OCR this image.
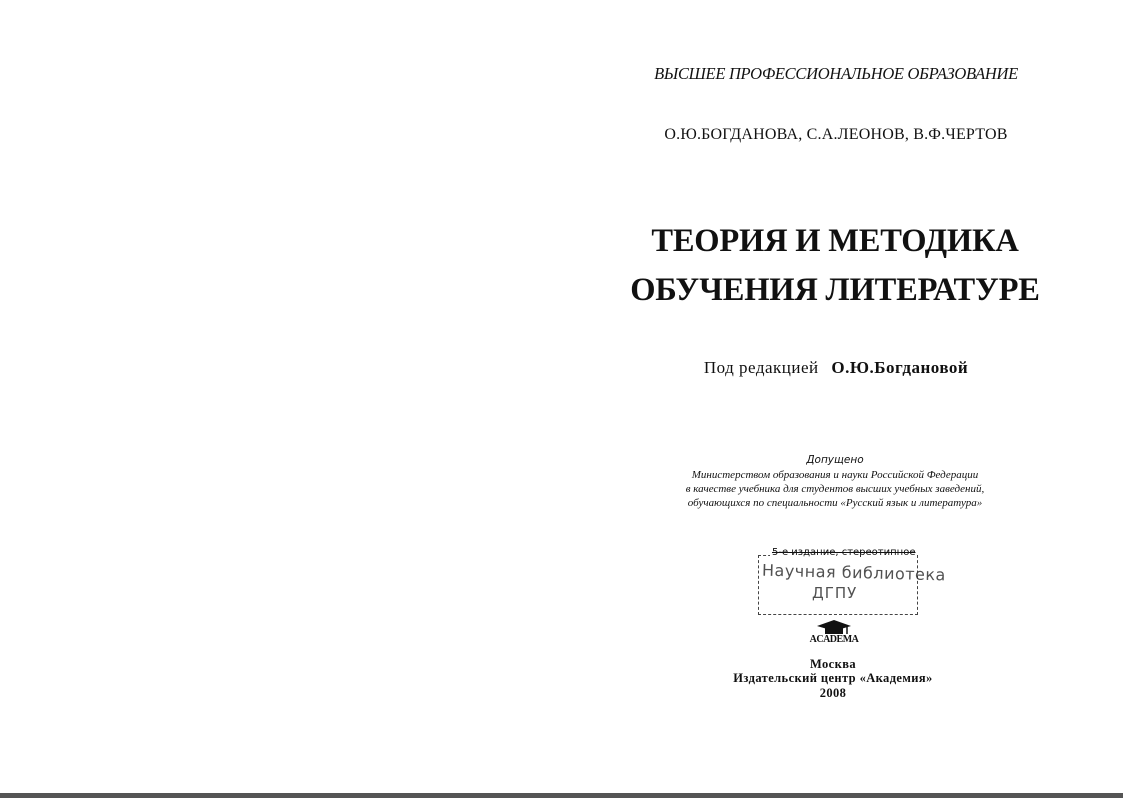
ВЫСШЕЕ ПРОФЕССИОНАЛЬНОЕ ОБРАЗОВАНИЕ
О.Ю.БОГДАНОВА, С.А.ЛЕОНОВ, В.Ф.ЧЕРТОВ
ТЕОРИЯ И МЕТОДИКА
ОБУЧЕНИЯ ЛИТЕРАТУРЕ
Под редакцией О.Ю.Богдановой
Допущено
Министерством образования и науки Российской Федерации
в качестве учебника для студентов высших учебных заведений,
обучающихся по специальности «Русский язык и литература»
5-е издание, стереотипное
Научная библиотека
ДГПУ
ACADEMA
Москва
Издательский центр «Академия»
2008
